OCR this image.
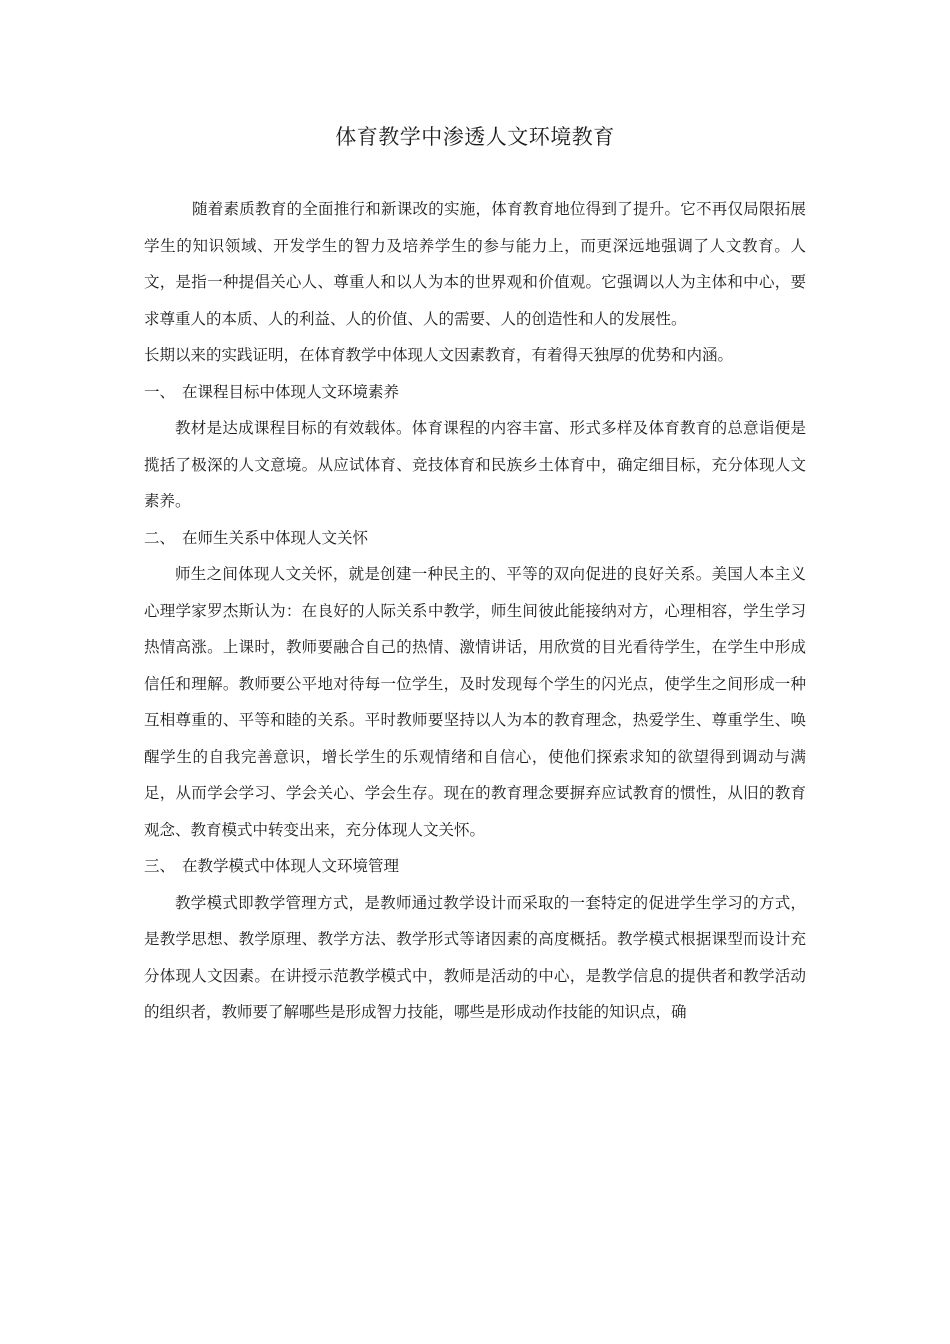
体育教学中渗透人文环境教育

随着素质教育的全面推行和新课改的实施，体育教育地位得到了提升。它不再仅局限拓展学生的知识领域、开发学生的智力及培养学生的参与能力上，而更深远地强调了人文教育。人文，是指一种提倡关心人、尊重人和以人为本的世界观和价值观。它强调以人为主体和中心，要求尊重人的本质、人的利益、人的价值、人的需要、人的创造性和人的发展性。

长期以来的实践证明，在体育教学中体现人文因素教育，有着得天独厚的优势和内涵。

一、 在课程目标中体现人文环境素养

教材是达成课程目标的有效载体。体育课程的内容丰富、形式多样及体育教育的总意诣便是揽括了极深的人文意境。从应试体育、竞技体育和民族乡土体育中，确定细目标，充分体现人文素养。

二、 在师生关系中体现人文关怀

师生之间体现人文关怀，就是创建一种民主的、平等的双向促进的良好关系。美国人本主义心理学家罗杰斯认为：在良好的人际关系中教学，师生间彼此能接纳对方，心理相容，学生学习热情高涨。上课时，教师要融合自己的热情、激情讲话，用欣赏的目光看待学生，在学生中形成信任和理解。教师要公平地对待每一位学生，及时发现每个学生的闪光点，使学生之间形成一种互相尊重的、平等和睦的关系。平时教师要坚持以人为本的教育理念，热爱学生、尊重学生、唤醒学生的自我完善意识，增长学生的乐观情绪和自信心，使他们探索求知的欲望得到调动与满足，从而学会学习、学会关心、学会生存。现在的教育理念要摒弃应试教育的惯性，从旧的教育观念、教育模式中转变出来，充分体现人文关怀。

三、 在教学模式中体现人文环境管理

教学模式即教学管理方式，是教师通过教学设计而采取的一套特定的促进学生学习的方式，是教学思想、教学原理、教学方法、教学形式等诸因素的高度概括。教学模式根据课型而设计充分体现人文因素。在讲授示范教学模式中，教师是活动的中心，是教学信息的提供者和教学活动的组织者，教师要了解哪些是形成智力技能，哪些是形成动作技能的知识点，确
